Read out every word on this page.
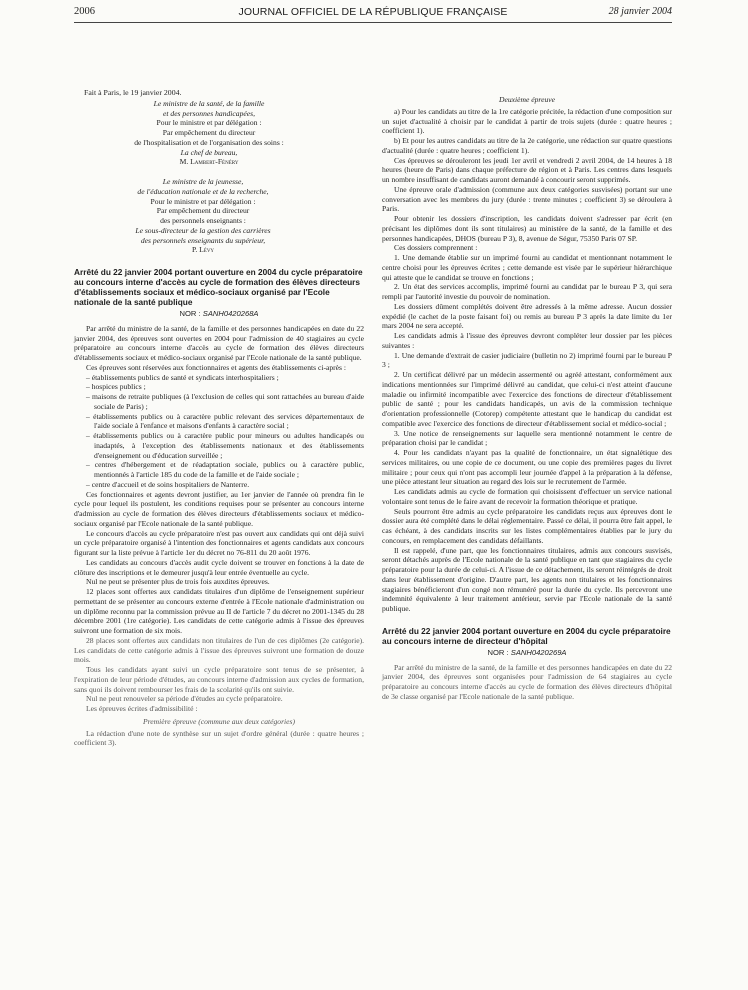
2006	JOURNAL OFFICIEL DE LA RÉPUBLIQUE FRANÇAISE	28 janvier 2004

Fait à Paris, le 19 janvier 2004.

Le ministre de la santé, de la famille

et des personnes handicapées,

Pour le ministre et par délégation :

Par empêchement du directeur

de l'hospitalisation et de l'organisation des soins :

La chef de bureau,

M. Lambert-Fénéry

Le ministre de la jeunesse,

de l'éducation nationale et de la recherche,

Pour le ministre et par délégation :

Par empêchement du directeur

des personnels enseignants :

Le sous-directeur de la gestion des carrières

des personnels enseignants du supérieur,

P. Lévy

Arrêté du 22 janvier 2004 portant ouverture en 2004 du cycle préparatoire au concours interne d'accès au cycle de formation des élèves directeurs d'établissements sociaux et médico-sociaux organisé par l'Ecole nationale de la santé publique

NOR : SANH0420268A

Par arrêté du ministre de la santé, de la famille et des personnes handicapées en date du 22 janvier 2004, des épreuves sont ouvertes en 2004 pour l'admission de 40 stagiaires au cycle préparatoire au concours interne d'accès au cycle de formation des élèves directeurs d'établissements sociaux et médico-sociaux organisé par l'Ecole nationale de la santé publique.

Ces épreuves sont réservées aux fonctionnaires et agents des établissements ci-après :

– établissements publics de santé et syndicats interhospitaliers ;
– hospices publics ;
– maisons de retraite publiques (à l'exclusion de celles qui sont rattachées au bureau d'aide sociale de Paris) ;
– établissements publics ou à caractère public relevant des services départementaux de l'aide sociale à l'enfance et maisons d'enfants à caractère social ;
– établissements publics ou à caractère public pour mineurs ou adultes handicapés ou inadaptés, à l'exception des établissements nationaux et des établissements d'enseignement ou d'éducation surveillée ;
– centres d'hébergement et de réadaptation sociale, publics ou à caractère public, mentionnés à l'article 185 du code de la famille et de l'aide sociale ;
– centre d'accueil et de soins hospitaliers de Nanterre.

Ces fonctionnaires et agents devront justifier, au 1er janvier de l'année où prendra fin le cycle pour lequel ils postulent, les conditions requises pour se présenter au concours interne d'admission au cycle de formation des élèves directeurs d'établissements sociaux et médico-sociaux organisé par l'Ecole nationale de la santé publique.

Le concours d'accès au cycle préparatoire n'est pas ouvert aux candidats qui ont déjà suivi un cycle préparatoire organisé à l'intention des fonctionnaires et agents candidats aux concours figurant sur la liste prévue à l'article 1er du décret no 76-811 du 20 août 1976.

Les candidats au concours d'accès audit cycle doivent se trouver en fonctions à la date de clôture des inscriptions et le demeurer jusqu'à leur entrée éventuelle au cycle.

Nul ne peut se présenter plus de trois fois auxdites épreuves.

12 places sont offertes aux candidats titulaires d'un diplôme de l'enseignement supérieur permettant de se présenter au concours externe d'entrée à l'Ecole nationale d'administration ou un diplôme reconnu par la commission prévue au II de l'article 7 du décret no 2001-1345 du 28 décembre 2001 (1re catégorie). Les candidats de cette catégorie admis à l'issue des épreuves suivront une formation de six mois.

28 places sont offertes aux candidats non titulaires de l'un de ces diplômes (2e catégorie). Les candidats de cette catégorie admis à l'issue des épreuves suivront une formation de douze mois.

Tous les candidats ayant suivi un cycle préparatoire sont tenus de se présenter, à l'expiration de leur période d'études, au concours interne d'admission aux cycles de formation, sans quoi ils doivent rembourser les frais de la scolarité qu'ils ont suivie.

Nul ne peut renouveler sa période d'études au cycle préparatoire.

Les épreuves écrites d'admissibilité :

Première épreuve (commune aux deux catégories)

La rédaction d'une note de synthèse sur un sujet d'ordre général (durée : quatre heures ; coefficient 3).

Deuxième épreuve

a) Pour les candidats au titre de la 1re catégorie précitée, la rédaction d'une composition sur un sujet d'actualité à choisir par le candidat à partir de trois sujets (durée : quatre heures ; coefficient 1).

b) Et pour les autres candidats au titre de la 2e catégorie, une rédaction sur quatre questions d'actualité (durée : quatre heures ; coefficient 1).

Ces épreuves se dérouleront les jeudi 1er avril et vendredi 2 avril 2004, de 14 heures à 18 heures (heure de Paris) dans chaque préfecture de région et à Paris. Les centres dans lesquels un nombre insuffisant de candidats auront demandé à concourir seront supprimés.

Une épreuve orale d'admission (commune aux deux catégories susvisées) portant sur une conversation avec les membres du jury (durée : trente minutes ; coefficient 3) se déroulera à Paris.

Pour obtenir les dossiers d'inscription, les candidats doivent s'adresser par écrit (en précisant les diplômes dont ils sont titulaires) au ministère de la santé, de la famille et des personnes handicapées, DHOS (bureau P 3), 8, avenue de Ségur, 75350 Paris 07 SP.

Ces dossiers comprennent :

1. Une demande établie sur un imprimé fourni au candidat et mentionnant notamment le centre choisi pour les épreuves écrites ; cette demande est visée par le supérieur hiérarchique qui atteste que le candidat se trouve en fonctions ;

2. Un état des services accomplis, imprimé fourni au candidat par le bureau P 3, qui sera rempli par l'autorité investie du pouvoir de nomination.

Les dossiers dûment complétés doivent être adressés à la même adresse. Aucun dossier expédié (le cachet de la poste faisant foi) ou remis au bureau P 3 après la date limite du 1er mars 2004 ne sera accepté.

Les candidats admis à l'issue des épreuves devront compléter leur dossier par les pièces suivantes :

1. Une demande d'extrait de casier judiciaire (bulletin no 2) imprimé fourni par le bureau P 3 ;

2. Un certificat délivré par un médecin assermenté ou agréé attestant, conformément aux indications mentionnées sur l'imprimé délivré au candidat, que celui-ci n'est atteint d'aucune maladie ou infirmité incompatible avec l'exercice des fonctions de directeur d'établissement public de santé ; pour les candidats handicapés, un avis de la commission technique d'orientation professionnelle (Cotorep) compétente attestant que le handicap du candidat est compatible avec l'exercice des fonctions de directeur d'établissement social et médico-social ;

3. Une notice de renseignements sur laquelle sera mentionné notamment le centre de préparation choisi par le candidat ;

4. Pour les candidats n'ayant pas la qualité de fonctionnaire, un état signalétique des services militaires, ou une copie de ce document, ou une copie des premières pages du livret militaire ; pour ceux qui n'ont pas accompli leur journée d'appel à la préparation à la défense, une pièce attestant leur situation au regard des lois sur le recrutement de l'armée.

Les candidats admis au cycle de formation qui choisissent d'effectuer un service national volontaire sont tenus de le faire avant de recevoir la formation théorique et pratique.

Seuls pourront être admis au cycle préparatoire les candidats reçus aux épreuves dont le dossier aura été complété dans le délai réglementaire. Passé ce délai, il pourra être fait appel, le cas échéant, à des candidats inscrits sur les listes complémentaires établies par le jury du concours, en remplacement des candidats défaillants.

Il est rappelé, d'une part, que les fonctionnaires titulaires, admis aux concours susvisés, seront détachés auprès de l'Ecole nationale de la santé publique en tant que stagiaires du cycle préparatoire pour la durée de celui-ci. A l'issue de ce détachement, ils seront réintégrés de droit dans leur établissement d'origine. D'autre part, les agents non titulaires et les fonctionnaires stagiaires bénéficieront d'un congé non rémunéré pour la durée du cycle. Ils percevront une indemnité équivalente à leur traitement antérieur, servie par l'Ecole nationale de la santé publique.

Arrêté du 22 janvier 2004 portant ouverture en 2004 du cycle préparatoire au concours interne de directeur d'hôpital

NOR : SANH0420269A

Par arrêté du ministre de la santé, de la famille et des personnes handicapées en date du 22 janvier 2004, des épreuves sont organisées pour l'admission de 64 stagiaires au cycle préparatoire au concours interne d'accès au cycle de formation des élèves directeurs d'hôpital de 3e classe organisé par l'Ecole nationale de la santé publique.
